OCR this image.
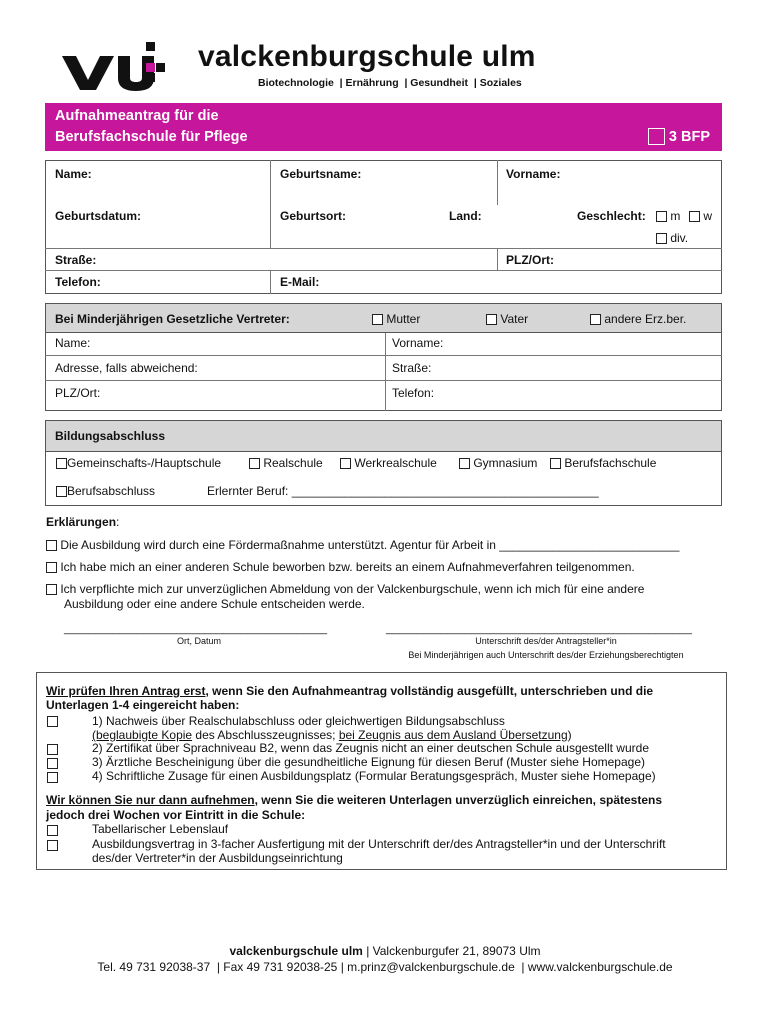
valckenburgschule ulm
Biotechnologie  | Ernährung  | Gesundheit  | Soziales
Aufnahmeantrag für die
Berufsfachschule für Pflege	3 BFP
Name:	Geburtsname:	Vorname:
Geburtsdatum:	Geburtsort:	Land:	Geschlecht:	m	w
div.
Straße:	PLZ/Ort:
Telefon:	E-Mail:
Bei Minderjährigen Gesetzliche Vertreter:	Mutter	Vater	andere Erz.ber.
Name:	Vorname:
Adresse, falls abweichend:	Straße:
PLZ/Ort:	Telefon:
Bildungsabschluss
Gemeinschafts-/Hauptschule	Realschule	Werkrealschule	Gymnasium	Berufsfachschule
Berufsabschluss	Erlernter Beruf: ______________________________________________
Erklärungen:
Die Ausbildung wird durch eine Fördermaßnahme unterstützt. Agentur für Arbeit in ___________________________
Ich habe mich an einer anderen Schule beworben bzw. bereits an einem Aufnahmeverfahren teilgenommen.
Ich verpflichte mich zur unverzüglichen Abmeldung von der Valckenburgschule, wenn ich mich für eine andere
Ausbildung oder eine andere Schule entscheiden werde.
___________________________________________
Ort, Datum
__________________________________________________
Unterschrift des/der Antragsteller*in
Bei Minderjährigen auch Unterschrift des/der Erziehungsberechtigten
Wir prüfen Ihren Antrag erst, wenn Sie den Aufnahmeantrag vollständig ausgefüllt, unterschrieben und die
Unterlagen 1-4 eingereicht haben:
1) Nachweis über Realschulabschluss oder gleichwertigen Bildungsabschluss
(beglaubigte Kopie des Abschlusszeugnisses; bei Zeugnis aus dem Ausland Übersetzung)
2) Zertifikat über Sprachniveau B2, wenn das Zeugnis nicht an einer deutschen Schule ausgestellt wurde
3) Ärztliche Bescheinigung über die gesundheitliche Eignung für diesen Beruf (Muster siehe Homepage)
4) Schriftliche Zusage für einen Ausbildungsplatz (Formular Beratungsgespräch, Muster siehe Homepage)
Wir können Sie nur dann aufnehmen, wenn Sie die weiteren Unterlagen unverzüglich einreichen, spätestens
jedoch drei Wochen vor Eintritt in die Schule:
Tabellarischer Lebenslauf
Ausbildungsvertrag in 3-facher Ausfertigung mit der Unterschrift der/des Antragsteller*in und der Unterschrift
des/der Vertreter*in der Ausbildungseinrichtung
valckenburgschule ulm | Valckenburgufer 21, 89073 Ulm
Tel. 49 731 92038-37  | Fax 49 731 92038-25 | m.prinz@valckenburgschule.de  | www.valckenburgschule.de
